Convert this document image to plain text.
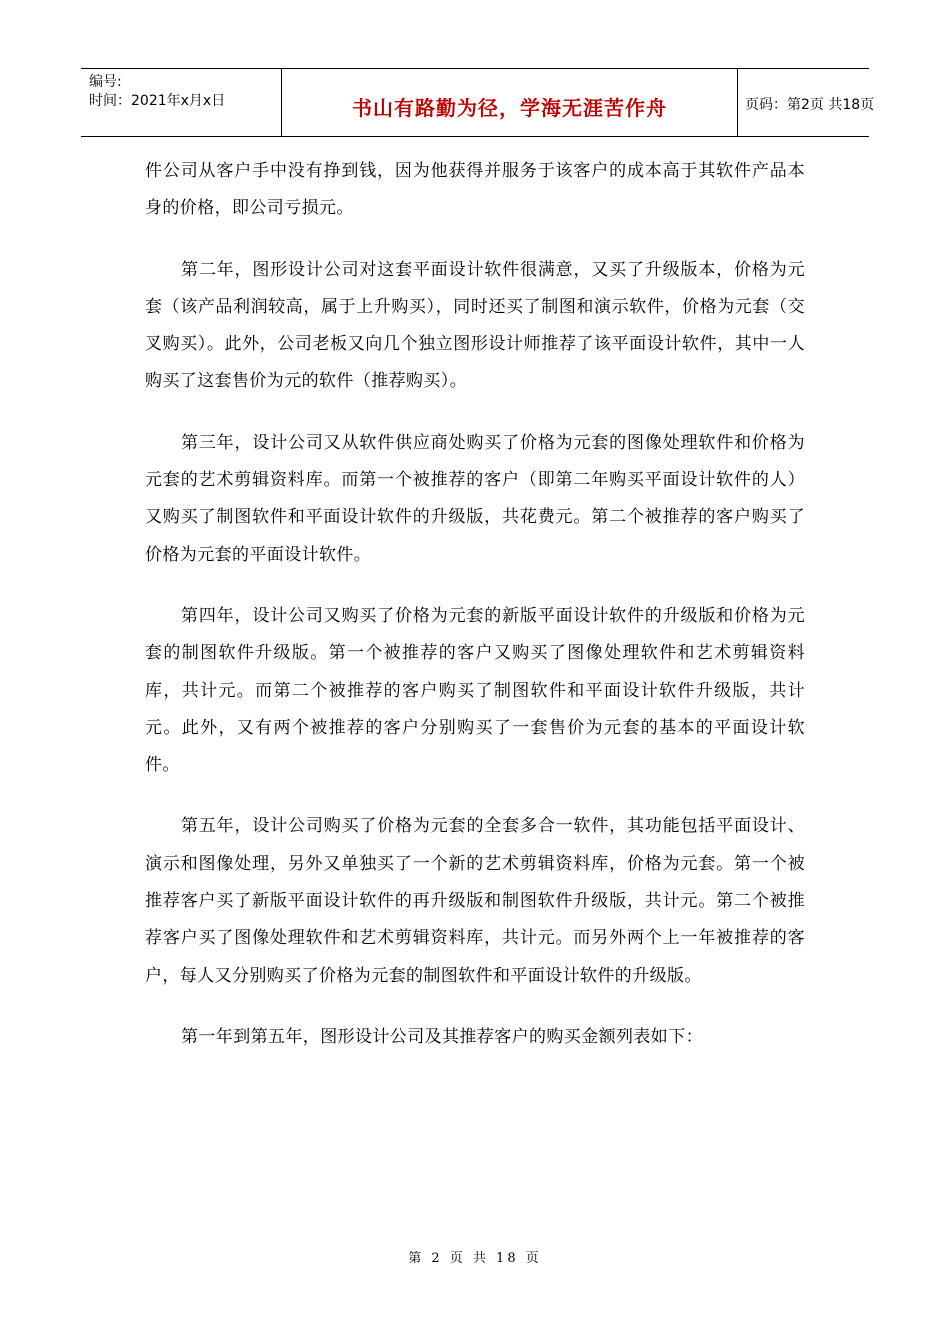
编号:
时间：2021年x月x日	书山有路勤为径，学海无涯苦作舟	页码：第2页 共18页

件公司从客户手中没有挣到钱，因为他获得并服务于该客户的成本高于其软件产品本身的价格，即公司亏损元。

第二年，图形设计公司对这套平面设计软件很满意，又买了升级版本，价格为元套（该产品利润较高，属于上升购买），同时还买了制图和演示软件，价格为元套（交叉购买）。此外，公司老板又向几个独立图形设计师推荐了该平面设计软件，其中一人购买了这套售价为元的软件（推荐购买）。

第三年，设计公司又从软件供应商处购买了价格为元套的图像处理软件和价格为元套的艺术剪辑资料库。而第一个被推荐的客户（即第二年购买平面设计软件的人）又购买了制图软件和平面设计软件的升级版，共花费元。第二个被推荐的客户购买了价格为元套的平面设计软件。

第四年，设计公司又购买了价格为元套的新版平面设计软件的升级版和价格为元套的制图软件升级版。第一个被推荐的客户又购买了图像处理软件和艺术剪辑资料库，共计元。而第二个被推荐的客户购买了制图软件和平面设计软件升级版，共计元。此外，又有两个被推荐的客户分别购买了一套售价为元套的基本的平面设计软件。

第五年，设计公司购买了价格为元套的全套多合一软件，其功能包括平面设计、演示和图像处理，另外又单独买了一个新的艺术剪辑资料库，价格为元套。第一个被推荐客户买了新版平面设计软件的再升级版和制图软件升级版，共计元。第二个被推荐客户买了图像处理软件和艺术剪辑资料库，共计元。而另外两个上一年被推荐的客户，每人又分别购买了价格为元套的制图软件和平面设计软件的升级版。

第一年到第五年，图形设计公司及其推荐客户的购买金额列表如下：

第 2 页 共 18 页
